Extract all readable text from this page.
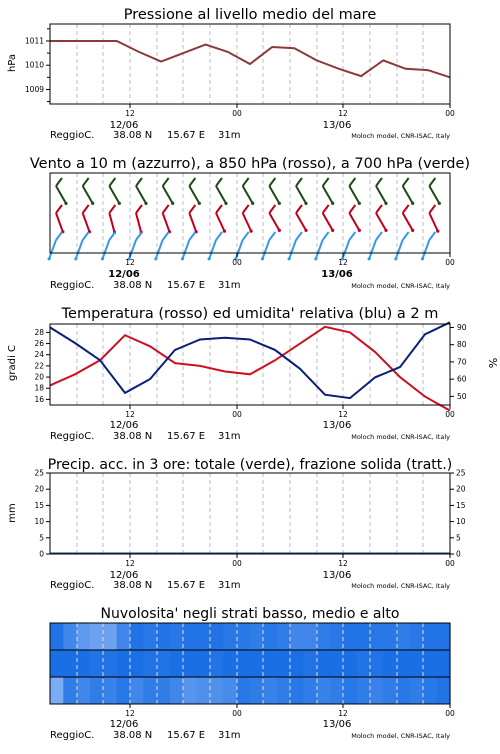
Pressione al livello medio del mare
1009
1010
1011
hPa
12	00	12	00
12/06	13/06
ReggioC. 38.08 N 15.67 E 31m	Moloch model, CNR-ISAC, Italy
Vento a 10 m (azzurro), a 850 hPa (rosso), a 700 hPa (verde)
12	00	12	00
12/06	13/06
ReggioC. 38.08 N 15.67 E 31m	Moloch model, CNR-ISAC, Italy
Temperatura (rosso) ed umidita' relativa (blu) a 2 m
16
18
20
22
24
26
28
50
60
70
80
90
gradi C	%
12	00	12	00
12/06	13/06
ReggioC. 38.08 N 15.67 E 31m	Moloch model, CNR-ISAC, Italy
Precip. acc. in 3 ore: totale (verde), frazione solida (tratt.)
0	0
5	5
10	10
15	15
20	20
25	25
mm
12	00	12	00
12/06	13/06
ReggioC. 38.08 N 15.67 E 31m	Moloch model, CNR-ISAC, Italy
Nuvolosita' negli strati basso, medio e alto
12	00	12	00
12/06	13/06
ReggioC. 38.08 N 15.67 E 31m	Moloch model, CNR-ISAC, Italy
